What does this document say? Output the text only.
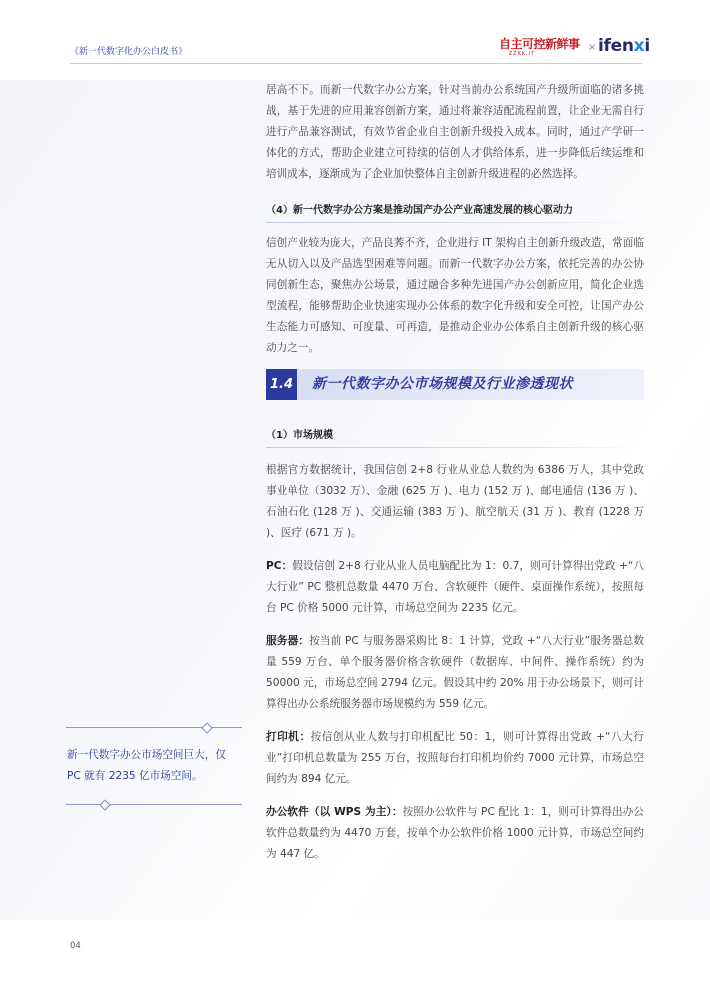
《新一代数字化办公白皮书》
自主可控新鲜事
ZZKK.IT
× ifenxi

居高不下。而新一代数字办公方案，针对当前办公系统国产升级所面临的诸多挑战，基于先进的应用兼容创新方案，通过将兼容适配流程前置，让企业无需自行进行产品兼容测试，有效节省企业自主创新升级投入成本。同时，通过产学研一体化的方式，帮助企业建立可持续的信创人才供给体系，进一步降低后续运维和培训成本，逐渐成为了企业加快整体自主创新升级进程的必然选择。

（4）新一代数字办公方案是推动国产办公产业高速发展的核心驱动力

信创产业较为庞大，产品良莠不齐，企业进行 IT 架构自主创新升级改造，常面临无从切入以及产品选型困难等问题。而新一代数字办公方案，依托完善的办公协同创新生态，聚焦办公场景，通过融合多种先进国产办公创新应用，简化企业选型流程，能够帮助企业快速实现办公体系的数字化升级和安全可控，让国产办公生态能力可感知、可度量、可再造，是推动企业办公体系自主创新升级的核心驱动力之一。

1.4 新一代数字办公市场规模及行业渗透现状

（1）市场规模

根据官方数据统计，我国信创 2+8 行业从业总人数约为 6386 万人，其中党政事业单位（3032 万）、金融 (625 万 )、电力 (152 万 )、邮电通信 (136 万 )、石油石化 (128 万 )、交通运输 (383 万 )、航空航天 (31 万 )、教育 (1228 万 )、医疗 (671 万 )。

PC：假设信创 2+8 行业从业人员电脑配比为 1：0.7，则可计算得出党政 +“八大行业” PC 整机总数量 4470 万台、含软硬件（硬件、桌面操作系统），按照每台 PC 价格 5000 元计算，市场总空间为 2235 亿元。

服务器：按当前 PC 与服务器采购比 8：1 计算，党政 +“八大行业”服务器总数量 559 万台、单个服务器价格含软硬件（数据库、中间件、操作系统）约为 50000 元，市场总空间 2794 亿元。假设其中约 20% 用于办公场景下，则可计算得出办公系统服务器市场规模约为 559 亿元。

打印机：按信创从业人数与打印机配比 50：1，则可计算得出党政 +“八大行业”打印机总数量为 255 万台，按照每台打印机均价约 7000 元计算，市场总空间约为 894 亿元。

办公软件（以 WPS 为主）：按照办公软件与 PC 配比 1：1，则可计算得出办公软件总数量约为 4470 万套，按单个办公软件价格 1000 元计算，市场总空间约为 447 亿。

新一代数字办公市场空间巨大，仅 PC 就有 2235 亿市场空间。

04
